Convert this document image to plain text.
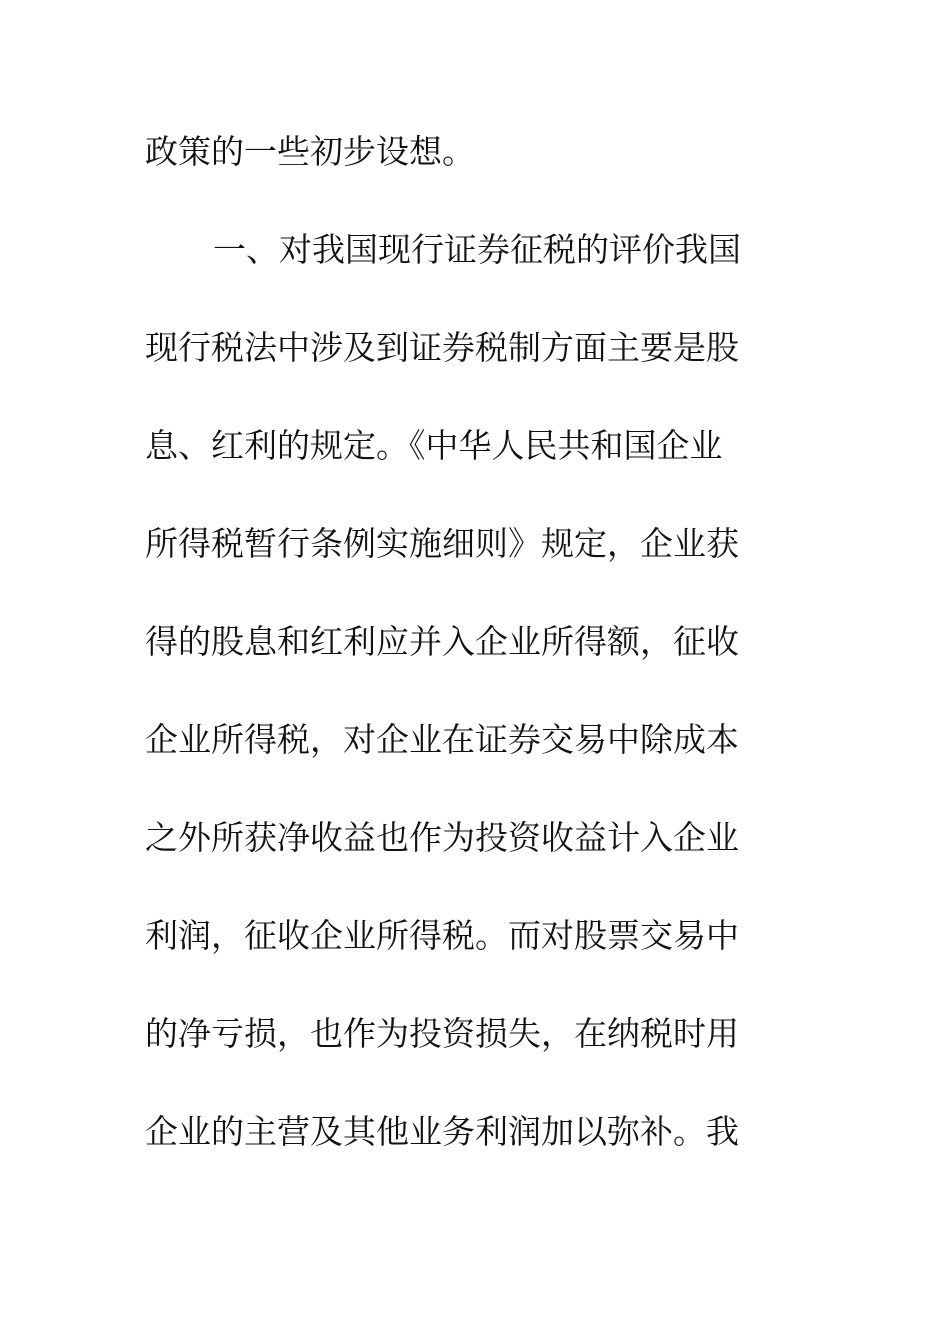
政策的一些初步设想。
一、对我国现行证券征税的评价我国
现行税法中涉及到证券税制方面主要是股
息、红利的规定。《中华人民共和国企业
所得税暂行条例实施细则》规定，企业获
得的股息和红利应并入企业所得额，征收
企业所得税，对企业在证券交易中除成本
之外所获净收益也作为投资收益计入企业
利润，征收企业所得税。而对股票交易中
的净亏损，也作为投资损失，在纳税时用
企业的主营及其他业务利润加以弥补。我
